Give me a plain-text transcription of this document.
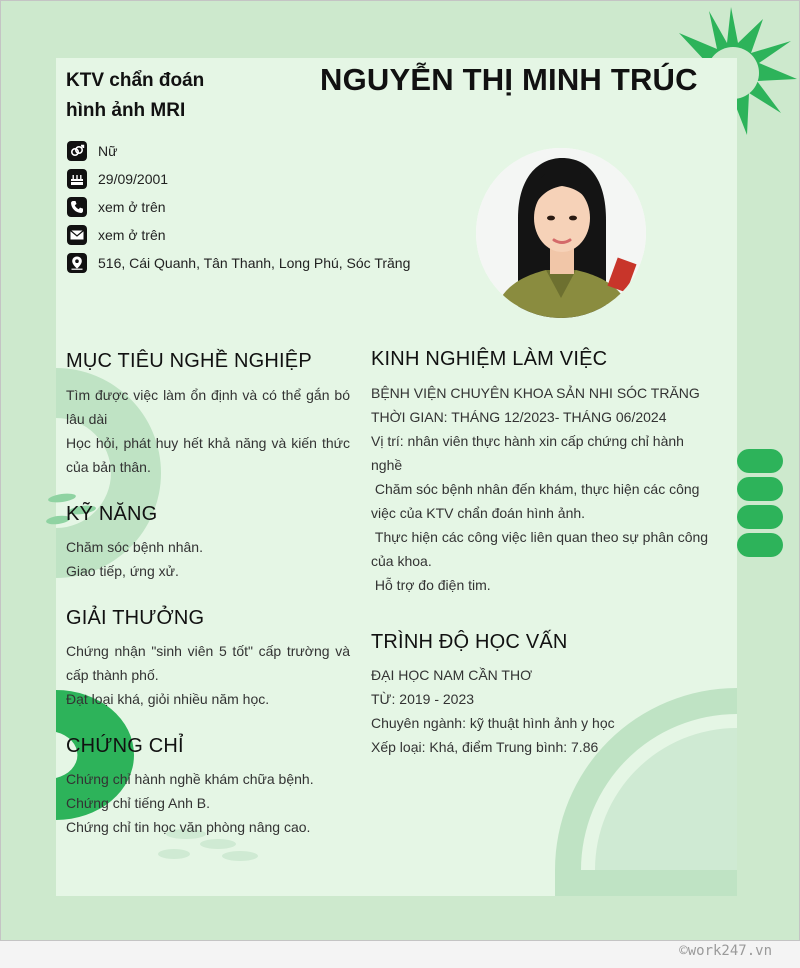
KTV chẩn đoán
hình ảnh MRI
NGUYỄN THỊ MINH TRÚC
Nữ
29/09/2001
xem ở trên
xem ở trên
516, Cái Quanh, Tân Thanh, Long Phú, Sóc Trăng
MỤC TIÊU NGHỀ NGHIỆP

Tìm được việc làm ổn định và có thể gắn bó lâu dài

Học hỏi, phát huy hết khả năng và kiến thức của bản thân.

KỸ NĂNG

Chăm sóc bệnh nhân.

Giao tiếp, ứng xử.

GIẢI THƯỞNG

Chứng nhận "sinh viên 5 tốt" cấp trường và cấp thành phố.

Đạt loại khá, giỏi nhiều năm học.

CHỨNG CHỈ

Chứng chỉ hành nghề khám chữa bệnh.

Chứng chỉ tiếng Anh B.

Chứng chỉ tin học văn phòng nâng cao.

KINH NGHIỆM LÀM VIỆC

BỆNH VIỆN CHUYÊN KHOA SẢN NHI SÓC TRĂNG

THỜI GIAN: THÁNG 12/2023- THÁNG 06/2024

Vị trí: nhân viên thực hành xin cấp chứng chỉ hành nghề

Chăm sóc bệnh nhân đến khám, thực hiện các công việc của KTV chẩn đoán hình ảnh.

Thực hiện các công việc liên quan theo sự phân công của khoa.

Hỗ trợ đo điện tim.

TRÌNH ĐỘ HỌC VẤN

ĐẠI HỌC NAM CẦN THƠ

TỪ: 2019 - 2023

Chuyên ngành: kỹ thuật hình ảnh y học

Xếp loại: Khá, điểm Trung bình: 7.86

©work247.vn
